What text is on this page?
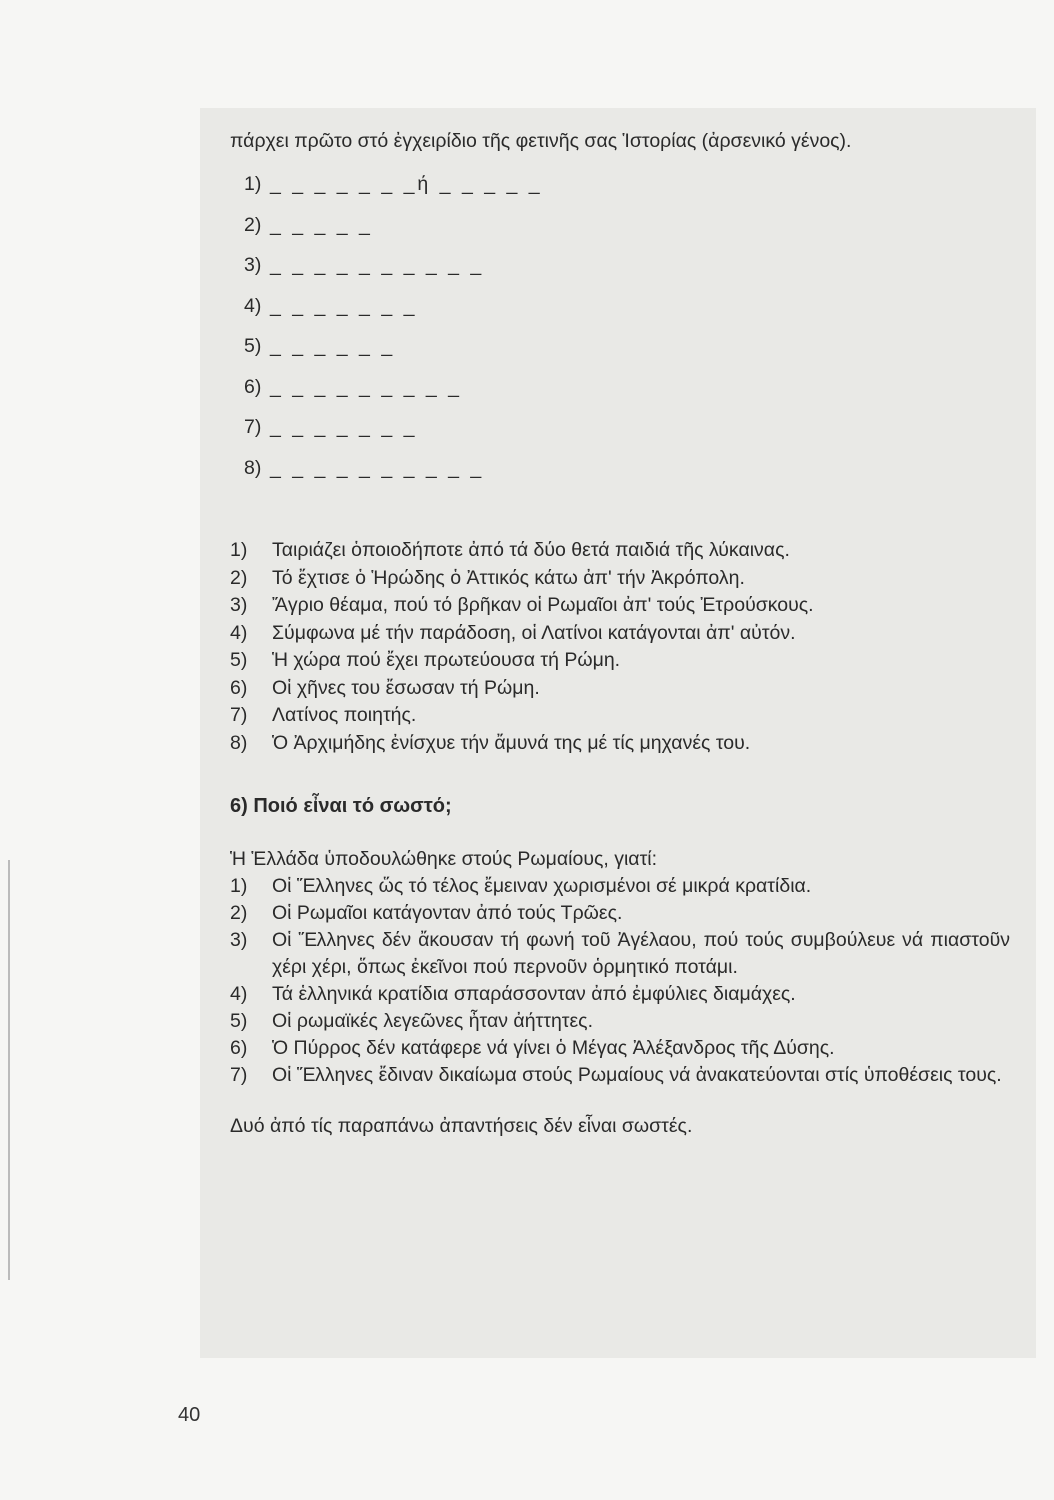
πάρχει πρῶτο στό ἐγχειρίδιο τῆς φετινῆς σας Ἱστορίας (ἀρσενικό γένος).

1) _ _ _ _ _ _ _ή _ _ _ _ _
2) _ _ _ _ _
3) _ _ _ _ _ _ _ _ _ _
4) _ _ _ _ _ _ _
5) _ _ _ _ _ _
6) _ _ _ _ _ _ _ _ _
7) _ _ _ _ _ _ _
8) _ _ _ _ _ _ _ _ _ _
1)	Ταιριάζει ὁποιοδήποτε ἀπό τά δύο θετά παιδιά τῆς λύκαινας.
2)	Τό ἔχτισε ὁ Ἡρώδης ὁ Ἀττικός κάτω ἀπ' τήν Ἀκρόπολη.
3)	Ἄγριο θέαμα, πού τό βρῆκαν οἱ Ρωμαῖοι ἀπ' τούς Ἐτρούσκους.
4)	Σύμφωνα μέ τήν παράδοση, οἱ Λατίνοι κατάγονται ἀπ' αὐτόν.
5)	Ἡ χώρα πού ἔχει πρωτεύουσα τή Ρώμη.
6)	Οἱ χῆνες του ἔσωσαν τή Ρώμη.
7)	Λατίνος ποιητής.
8)	Ὁ Ἀρχιμήδης ἐνίσχυε τήν ἄμυνά της μέ τίς μηχανές του.
6) Ποιό εἶναι τό σωστό;
Ἡ Ἑλλάδα ὑποδουλώθηκε στούς Ρωμαίους, γιατί:
1)	Οἱ Ἕλληνες ὥς τό τέλος ἔμειναν χωρισμένοι σέ μικρά κρατίδια.
2)	Οἱ Ρωμαῖοι κατάγονταν ἀπό τούς Τρῶες.
3)	Οἱ Ἕλληνες δέν ἄκουσαν τή φωνή τοῦ Ἀγέλαου, πού τούς συμβούλευε νά πιαστοῦν χέρι χέρι, ὅπως ἐκεῖνοι πού περνοῦν ὁρμητικό ποτάμι.
4)	Τά ἑλληνικά κρατίδια σπαράσσονταν ἀπό ἐμφύλιες διαμάχες.
5)	Οἱ ρωμαϊκές λεγεῶνες ἦταν ἀήττητες.
6)	Ὁ Πύρρος δέν κατάφερε νά γίνει ὁ Μέγας Ἀλέξανδρος τῆς Δύσης.
7)	Οἱ Ἕλληνες ἔδιναν δικαίωμα στούς Ρωμαίους νά ἀνακατεύονται στίς ὑποθέσεις τους.
Δυό ἀπό τίς παραπάνω ἀπαντήσεις δέν εἶναι σωστές.
40
